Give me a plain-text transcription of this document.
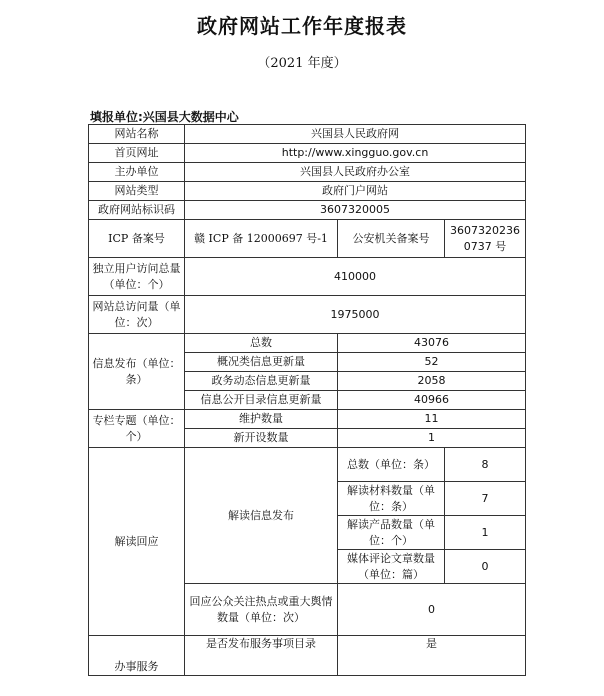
政府网站工作年度报表
（2021 年度）
填报单位:兴国县大数据中心
网站名称	兴国县人民政府网		
首页网址	http://www.xingguo.gov.cn		
主办单位	兴国县人民政府办公室		
网站类型	政府门户网站		
政府网站标识码	3607320005		
ICP 备案号	赣 ICP 备 12000697 号-1	公安机关备案号	36073202360737 号
独立用户访问总量（单位：个）	410000		
网站总访问量（单位：次）	1975000		
信息发布（单位：条）	总数	43076	
	概况类信息更新量	52	
	政务动态信息更新量	2058	
	信息公开目录信息更新量	40966	
专栏专题（单位：个）	维护数量	11	
	新开设数量	1	
解读回应	解读信息发布	总数（单位：条）	8
		解读材料数量（单位：条）	7
		解读产品数量（单位：个）	1
		媒体评论文章数量（单位：篇）	0
	回应公众关注热点或重大舆情数量（单位：次）	0	
办事服务	是否发布服务事项目录	是	
